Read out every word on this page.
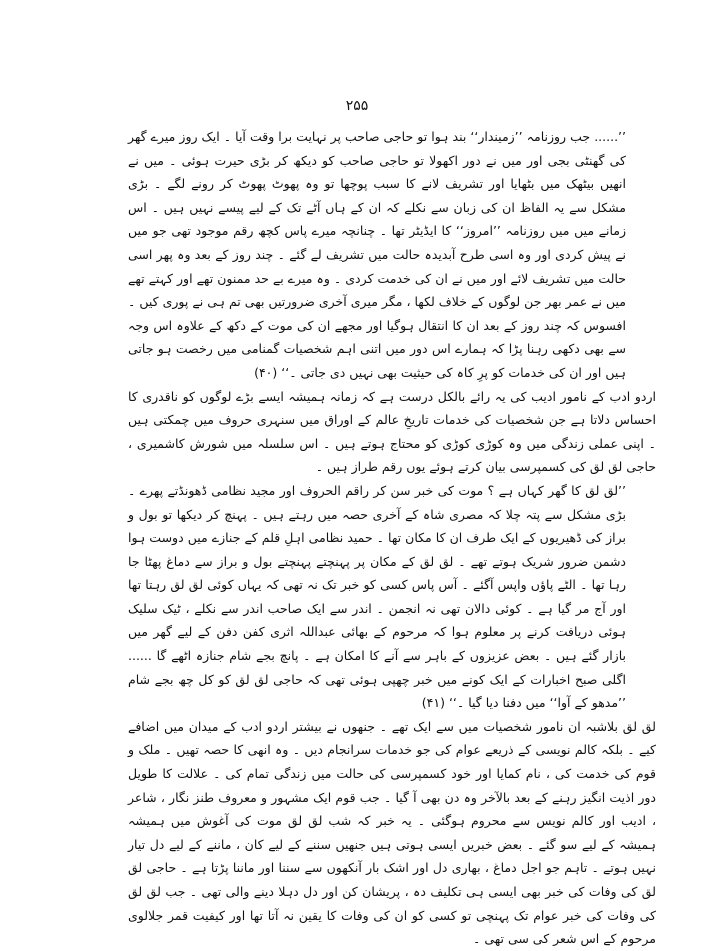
۲۵۵

’’...... جب روزنامہ ’’زمیندار‘‘ بند ہوا تو حاجی صاحب پر نہایت برا وقت آیا ۔ ایک روز میرے گھر کی گھنٹی بجی اور میں نے دور اکھولا تو حاجی صاحب کو دیکھ کر بڑی حیرت ہوئی ۔ میں نے انھیں بیٹھک میں بٹھایا اور تشریف لانے کا سبب پوچھا تو وہ پھوٹ پھوٹ کر رونے لگے ۔ بڑی مشکل سے یہ الفاظ ان کی زبان سے نکلے کہ ان کے ہاں آٹے تک کے لیے پیسے نہیں ہیں ۔ اس زمانے میں میں روزنامہ ’’امروز‘‘ کا ایڈیٹر تھا ۔ چنانچہ میرے پاس کچھ رقم موجود تھی جو میں نے پیش کردی اور وہ اسی طرح آبدیدہ حالت میں تشریف لے گئے ۔ چند روز کے بعد وہ پھر اسی حالت میں تشریف لائے اور میں نے ان کی خدمت کردی ۔ وہ میرے بے حد ممنون تھے اور کہتے تھے میں نے عمر بھر جن لوگوں کے خلاف لکھا ، مگر میری آخری ضرورتیں بھی تم ہی نے پوری کیں ۔ افسوس کہ چند روز کے بعد ان کا انتقال ہوگیا اور مجھے ان کی موت کے دکھ کے علاوہ اس وجہ سے بھی دکھی رہنا پڑا کہ ہمارے اس دور میں اتنی اہم شخصیات گمنامی میں رخصت ہو جاتی ہیں اور ان کی خدمات کو پرِ کاہ کی حیثیت بھی نہیں دی جاتی ۔‘‘ (۴۰)

اردو ادب کے نامور ادیب کی یہ رائے بالکل درست ہے کہ زمانہ ہمیشہ ایسے بڑے لوگوں کو ناقدری کا احساس دلاتا ہے جن شخصیات کی خدمات تاریخِ عالم کے اوراق میں سنہری حروف میں چمکتی ہیں ۔ اپنی عملی زندگی میں وہ کوڑی کوڑی کو محتاج ہوتے ہیں ۔ اس سلسلہ میں شورش کاشمیری ، حاجی لق لق کی کسمپرسی بیان کرتے ہوئے یوں رقم طراز ہیں ۔

’’لق لق کا گھر کہاں ہے ؟ موت کی خبر سن کر راقم الحروف اور مجید نظامی ڈھونڈتے پھرے ۔ بڑی مشکل سے پتہ چلا کہ مصری شاہ کے آخری حصہ میں رہتے ہیں ۔ پہنچ کر دیکھا تو بول و براز کی ڈھیریوں کے ایک طرف ان کا مکان تھا ۔ حمید نظامی اہلِ قلم کے جنازے میں دوست ہوا دشمن ضرور شریک ہوتے تھے ۔ لق لق کے مکان پر پہنچتے پہنچتے بول و براز سے دماغ پھٹا جا رہا تھا ۔ الٹے پاؤں واپس آگئے ۔ آس پاس کسی کو خبر تک نہ تھی کہ یہاں کوئی لق لق رہتا تھا اور آج مر گیا ہے ۔ کوئی دالان تھی نہ انجمن ۔ اندر سے ایک صاحب اندر سے نکلے ، ٹیک سلیک ہوئی دریافت کرنے پر معلوم ہوا کہ مرحوم کے بھائی عبداللہ اثری کفن دفن کے لیے گھر میں بازار گئے ہیں ۔ بعض عزیزوں کے باہر سے آنے کا امکان ہے ۔ پانچ بجے شام جنازہ اٹھے گا ...... اگلی صبح اخبارات کے ایک کونے میں خبر چھپی ہوئی تھی کہ حاجی لق لق کو کل چھ بجے شام ’’مدھو کے آوا‘‘ میں دفنا دیا گیا ۔‘‘ (۴۱)

لق لق بلاشبہ ان نامور شخصیات میں سے ایک تھے ۔ جنھوں نے بیشتر اردو ادب کے میدان میں اضافے کیے ۔ بلکہ کالم نویسی کے ذریعے عوام کی جو خدمات سرانجام دیں ۔ وہ انھی کا حصہ تھیں ۔ ملک و قوم کی خدمت کی ، نام کمایا اور خود کسمپرسی کی حالت میں زندگی تمام کی ۔ علالت کا طویل دور اذیت انگیز رہنے کے بعد بالآخر وہ دن بھی آ گیا ۔ جب قوم ایک مشہور و معروف طنز نگار ، شاعر ، ادیب اور کالم نویس سے محروم ہوگئی ۔ یہ خبر کہ شب لق لق موت کی آغوش میں ہمیشہ ہمیشہ کے لیے سو گئے ۔ بعض خبریں ایسی ہوتی ہیں جنھیں سننے کے لیے کان ، ماننے کے لیے دل تیار نہیں ہوتے ۔ تاہم جو اجل دماغ ، بھاری دل اور اشک بار آنکھوں سے سننا اور ماننا پڑتا ہے ۔ حاجی لق لق کی وفات کی خبر بھی ایسی ہی تکلیف دہ ، پریشان کن اور دل دہلا دینے والی تھی ۔ جب لق لق کی وفات کی خبر عوام تک پہنچی تو کسی کو ان کی وفات کا یقین نہ آتا تھا اور کیفیت قمر جلالوی مرحوم کے اس شعر کی سی تھی ۔
